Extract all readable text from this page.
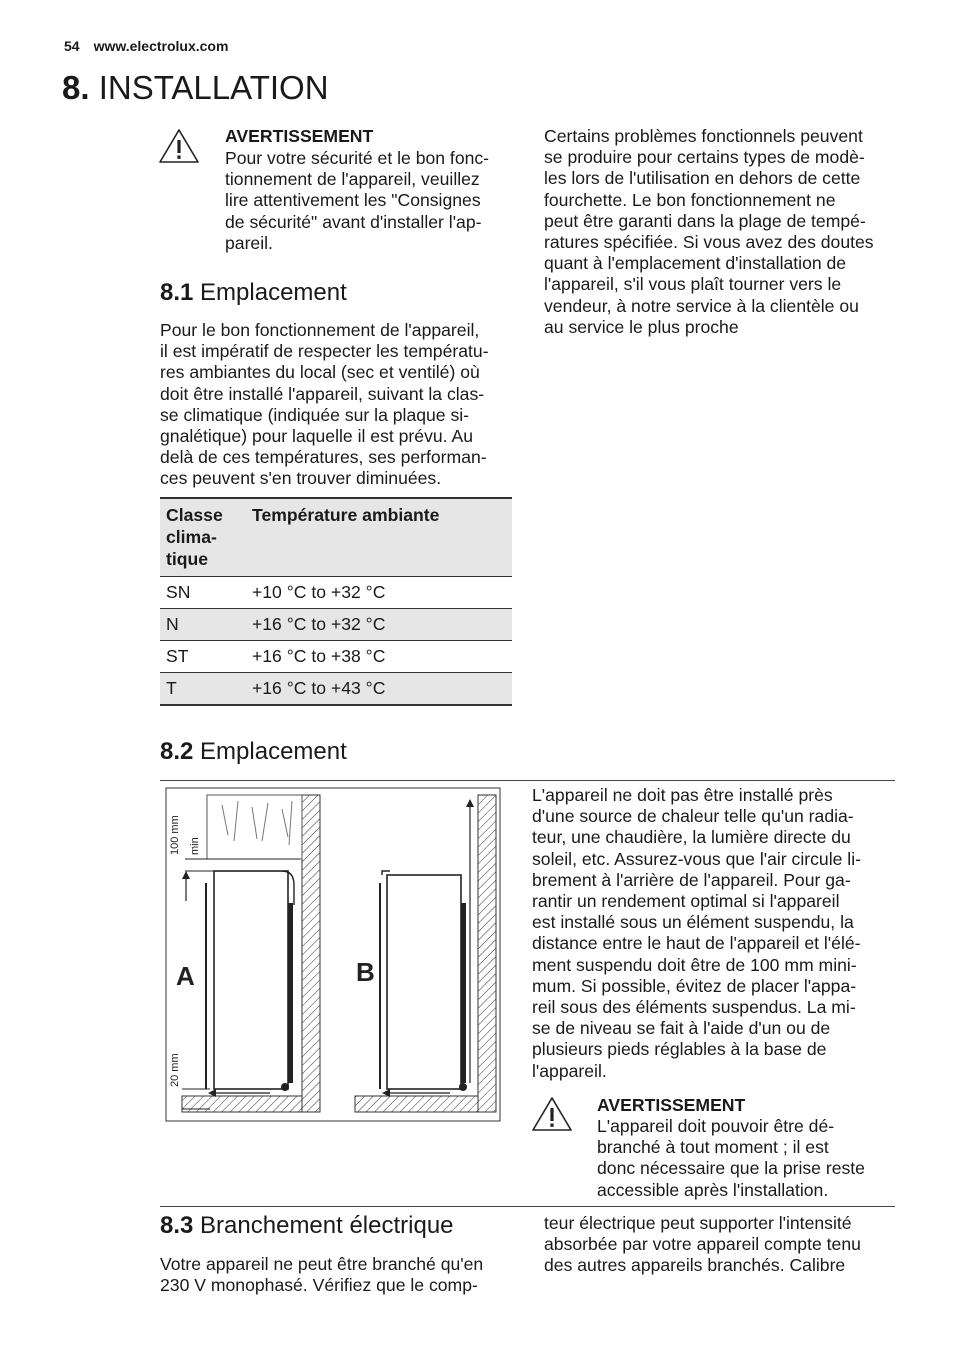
54 www.electrolux.com
8. INSTALLATION
AVERTISSEMENT
Pour votre sécurité et le bon fonc-
tionnement de l'appareil, veuillez
lire attentivement les "Consignes
de sécurité" avant d'installer l'ap-
pareil.
Certains problèmes fonctionnels peuvent
se produire pour certains types de modè-
les lors de l'utilisation en dehors de cette
fourchette. Le bon fonctionnement ne
peut être garanti dans la plage de tempé-
ratures spécifiée. Si vous avez des doutes
quant à l'emplacement d'installation de
l'appareil, s'il vous plaît tourner vers le
vendeur, à notre service à la clientèle ou
au service le plus proche
8.1 Emplacement
Pour le bon fonctionnement de l'appareil,
il est impératif de respecter les températu-
res ambiantes du local (sec et ventilé) où
doit être installé l'appareil, suivant la clas-
se climatique (indiquée sur la plaque si-
gnalétique) pour laquelle il est prévu. Au
delà de ces températures, ses performan-
ces peuvent s'en trouver diminuées.
Classe
clima-
tique	Température ambiante
SN	+10 °C to +32 °C
N	+16 °C to +32 °C
ST	+16 °C to +38 °C
T	+16 °C to +43 °C
8.2 Emplacement
100 mm min
20 mm
A	B
L'appareil ne doit pas être installé près
d'une source de chaleur telle qu'un radia-
teur, une chaudière, la lumière directe du
soleil, etc. Assurez-vous que l'air circule li-
brement à l'arrière de l'appareil. Pour ga-
rantir un rendement optimal si l'appareil
est installé sous un élément suspendu, la
distance entre le haut de l'appareil et l'élé-
ment suspendu doit être de 100 mm mini-
mum. Si possible, évitez de placer l'appa-
reil sous des éléments suspendus. La mi-
se de niveau se fait à l'aide d'un ou de
plusieurs pieds réglables à la base de
l'appareil.
AVERTISSEMENT
L'appareil doit pouvoir être dé-
branché à tout moment ; il est
donc nécessaire que la prise reste
accessible après l'installation.
8.3 Branchement électrique
Votre appareil ne peut être branché qu'en
230 V monophasé. Vérifiez que le comp-
teur électrique peut supporter l'intensité
absorbée par votre appareil compte tenu
des autres appareils branchés. Calibre
